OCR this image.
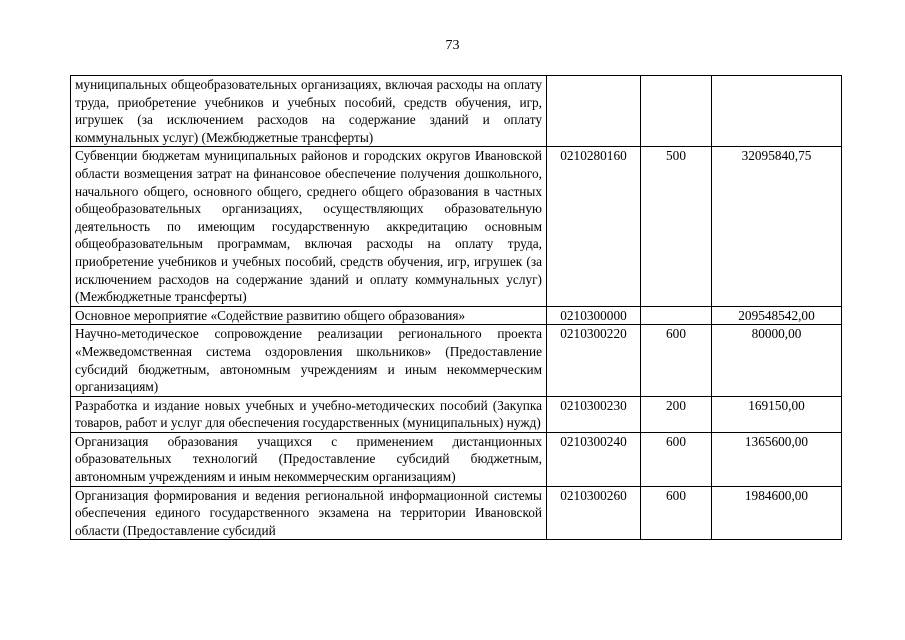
73
муниципальных общеобразовательных организациях, включая расходы на оплату труда, приобретение учебников и учебных пособий, средств обучения, игр, игрушек (за исключением расходов на содержание зданий и оплату коммунальных услуг) (Межбюджетные трансферты)			
Субвенции бюджетам муниципальных районов и городских округов Ивановской области возмещения затрат на финансовое обеспечение получения дошкольного, начального общего, основного общего, среднего общего образования в частных общеобразовательных организациях, осуществляющих образовательную деятельность по имеющим государственную аккредитацию основным общеобразовательным программам, включая расходы на оплату труда, приобретение учебников и учебных пособий, средств обучения, игр, игрушек (за исключением расходов на содержание зданий и оплату коммунальных услуг) (Межбюджетные трансферты)	0210280160	500	32095840,75
Основное мероприятие «Содействие развитию общего образования»	0210300000		209548542,00
Научно-методическое сопровождение реализации регионального проекта «Межведомственная система оздоровления школьников» (Предоставление субсидий бюджетным, автономным учреждениям и иным некоммерческим организациям)	0210300220	600	80000,00
Разработка и издание новых учебных и учебно-методических пособий (Закупка товаров, работ и услуг для обеспечения государственных (муниципальных) нужд)	0210300230	200	169150,00
Организация образования учащихся с применением дистанционных образовательных технологий (Предоставление субсидий бюджетным, автономным учреждениям и иным некоммерческим организациям)	0210300240	600	1365600,00
Организация формирования и ведения региональной информационной системы обеспечения единого государственного экзамена на территории Ивановской области (Предоставление субсидий	0210300260	600	1984600,00
